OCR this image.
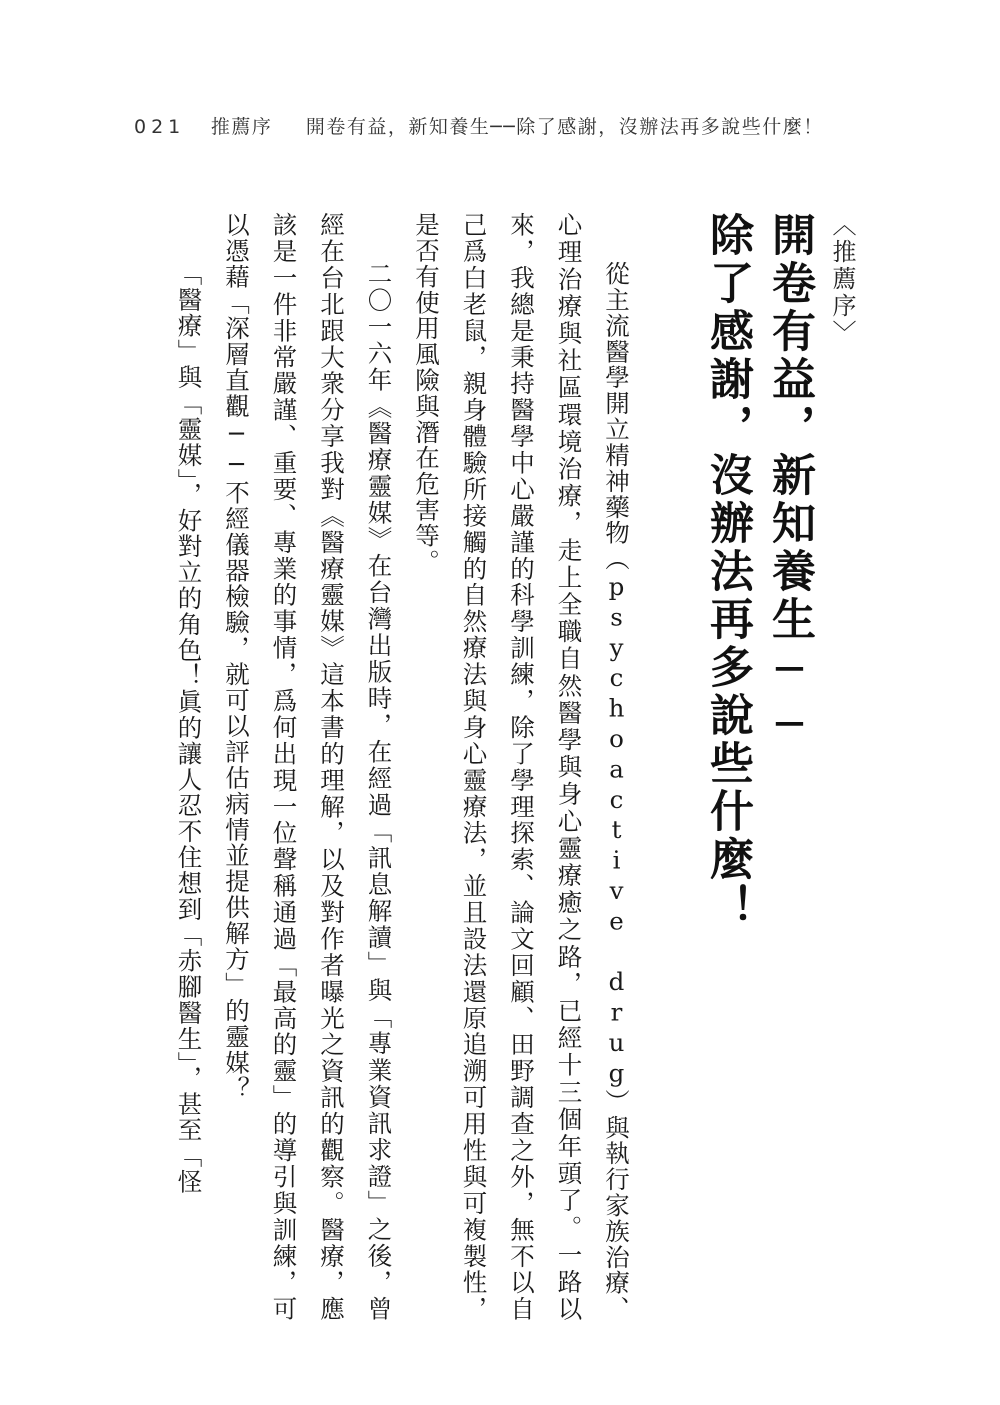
021 推薦序 開卷有益，新知養生──除了感謝，沒辦法再多說些什麼！
〈推薦序〉
開卷有益，新知養生──
除了感謝，沒辦法再多說些什麼！

從主流醫學開立精神藥物（psychoactive drug）與執行家族治療、心理治療與社區環境治療，走上全職自然醫學與身心靈療癒之路，已經十三個年頭了。一路以來，我總是秉持醫學中心嚴謹的科學訓練，除了學理探索、論文回顧、田野調查之外，無不以自己爲白老鼠，親身體驗所接觸的自然療法與身心靈療法，並且設法還原追溯可用性與可複製性，是否有使用風險與潛在危害等。

二〇一六年《醫療靈媒》在台灣出版時，在經過「訊息解讀」與「專業資訊求證」之後，曾經在台北跟大衆分享我對《醫療靈媒》這本書的理解，以及對作者曝光之資訊的觀察。醫療，應該是一件非常嚴謹、重要、專業的事情，爲何出現一位聲稱通過「最高的靈」的導引與訓練，可以憑藉「深層直觀──不經儀器檢驗，就可以評估病情並提供解方」的靈媒？

「醫療」與「靈媒」，好對立的角色！眞的讓人忍不住想到「赤腳醫生」，甚至「怪
